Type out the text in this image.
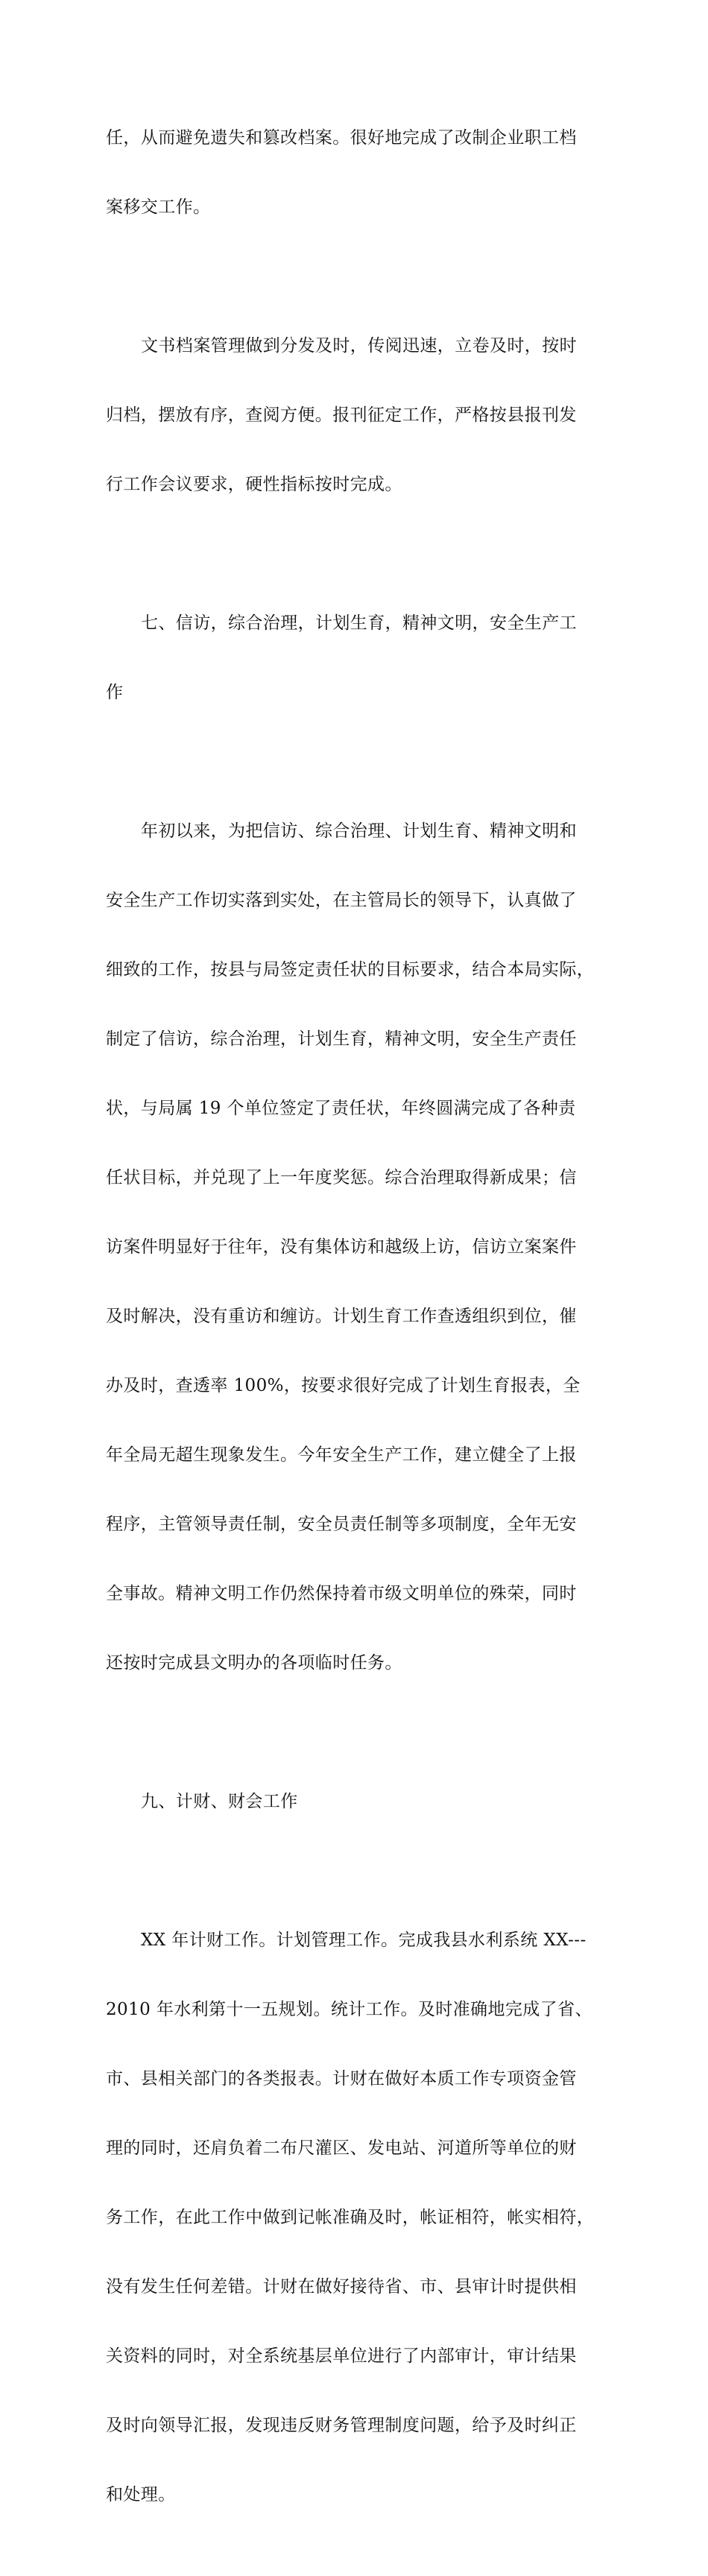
任，从而避免遗失和篡改档案。很好地完成了改制企业职工档

案移交工作。

文书档案管理做到分发及时，传阅迅速，立卷及时，按时

归档，摆放有序，查阅方便。报刊征定工作，严格按县报刊发

行工作会议要求，硬性指标按时完成。

七、信访，综合治理，计划生育，精神文明，安全生产工

作

年初以来，为把信访、综合治理、计划生育、精神文明和

安全生产工作切实落到实处，在主管局长的领导下，认真做了

细致的工作，按县与局签定责任状的目标要求，结合本局实际，

制定了信访，综合治理，计划生育，精神文明，安全生产责任

状，与局属 19 个单位签定了责任状，年终圆满完成了各种责

任状目标，并兑现了上一年度奖惩。综合治理取得新成果；信

访案件明显好于往年，没有集体访和越级上访，信访立案案件

及时解决，没有重访和缠访。计划生育工作查透组织到位，催

办及时，查透率 100%，按要求很好完成了计划生育报表，全

年全局无超生现象发生。今年安全生产工作，建立健全了上报

程序，主管领导责任制，安全员责任制等多项制度，全年无安

全事故。精神文明工作仍然保持着市级文明单位的殊荣，同时

还按时完成县文明办的各项临时任务。

九、计财、财会工作

XX 年计财工作。计划管理工作。完成我县水利系统 XX---

2010 年水利第十一五规划。统计工作。及时准确地完成了省、

市、县相关部门的各类报表。计财在做好本质工作专项资金管

理的同时，还肩负着二布尺灌区、发电站、河道所等单位的财

务工作，在此工作中做到记帐准确及时，帐证相符，帐实相符，

没有发生任何差错。计财在做好接待省、市、县审计时提供相

关资料的同时，对全系统基层单位进行了内部审计，审计结果

及时向领导汇报，发现违反财务管理制度问题，给予及时纠正

和处理。
